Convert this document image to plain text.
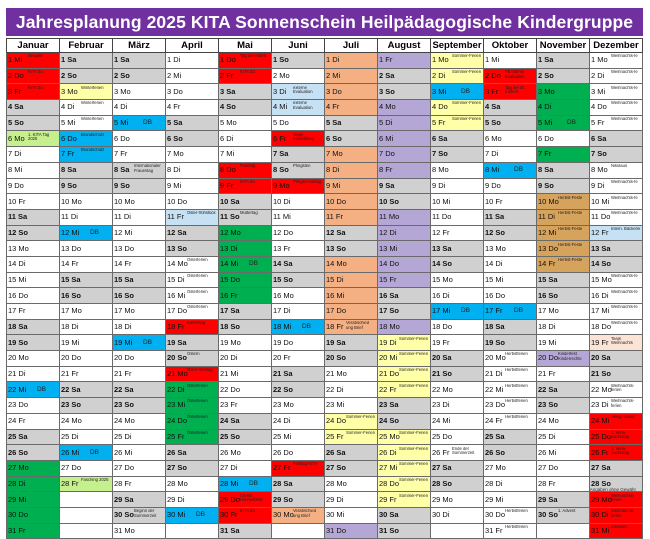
Jahresplanung 2025 KITA Sonnenschein Heilpädagogische Kindergruppe
Januar	Februar	März	April	Mai	Juni	Juli	August	September	Oktober	November	Dezember

1 Mi Neujahr	1 Sa	1 Sa	1 Di	1 Do Tag der Arbeit	1 So	1 Di	1 Fr	1 Mo Sommer-Ferien	1 Mi	1 Sa	1 Mo Weihnachts-fe

2 Do KITA Zu	2 So	2 So	2 Mi	2 Fr KITA Zu	2 Mo	2 Mi	2 Sa	2 Di Sommer-Ferien	2 Do FB interne Evaluation	2 So	2 Di Weihnachts-fe

3 Fr KITA Zu	3 Mo Winterferien	3 Mo	3 Do	3 Sa	3 Di externe Evaluation	3 Do	3 So	3 Mi DB	3 Fr Tag der Dt. Einheit	3 Mo	3 Mi Weihnachts-fe

4 Sa	4 Di Winterferien	4 Di	4 Fr	4 So	4 Mi externe Evaluation	4 Fr	4 Mo	4 Do Sommer-Ferien	4 Sa	4 Di	4 Do Weihnachts-fe

5 So	5 Mi Winterferien	5 Mi DB	5 Sa	5 Mo	5 Do	5 Sa	5 Di	5 Fr Sommer-Ferien	5 So	5 Mi DB	5 Fr Weihnachts-fe

6 Mo 1. KITA Tag 2025	6 Do Brandschutz	6 Do	6 So	6 Di	6 Fr Team Fortbildung	6 So	6 Mi	6 Sa	6 Mo	6 Do	6 Sa

7 Di	7 Fr Brandschutz	7 Fr	7 Mo	7 Mi	7 Sa	7 Mo	7 Do	7 So	7 Di	7 Fr	7 So

8 Mi	8 Sa	8 Sa Internationaler Frauentag	8 Di	8 Do Feiertag	8 So Pfingsten	8 Di	8 Fr	8 Mo	8 Mi DB	8 Sa	8 Mo Nikolaus

9 Do	9 So	9 So	9 Mi	9 Fr KITA Zu	9 Mo Pfingst-montag	9 Mi	9 Sa	9 Di	9 Do	9 So	9 Di Weihnachts-fe

10 Fr	10 Mo	10 Mo	10 Do	10 Sa	10 Di	10 Do	10 So	10 Mi	10 Fr	10 Mo Herbst-Feste	10 Mi Weihnachts-fe

11 Sa	11 Di	11 Di	11 Fr Oster-frühstück	11 So Muttertag	11 Mi	11 Fr	11 Mo	11 Do	11 Sa	11 Di Herbst-Feste	11 Do Weihnachts-fe

12 So	12 Mi DB	12 Mi	12 Sa	12 Mo	12 Do	12 Sa	12 Di	12 Fr	12 So	12 Mi Herbst-Feste	12 Fr Intern. Bäckerei

13 Mo	13 Do	13 Do	13 So	13 Di	13 Fr	13 So	13 Mi	13 Sa	13 Mo	13 Do Herbst-Feste	13 Sa

14 Di	14 Fr	14 Fr	14 Mo Osterferien	14 Mi DB	14 Sa	14 Mo	14 Do	14 So	14 Di	14 Fr Herbst-Feste	14 So

15 Mi	15 Sa	15 Sa	15 Di Osterferien	15 Do	15 So	15 Di	15 Fr	15 Mo	15 Mi	15 Sa	15 Mo Weihnachts-fe

16 Do	16 So	16 So	16 Mi Osterferien	16 Fr	16 Mo	16 Mi	16 Sa	16 Di	16 Do	16 So	16 Di Weihnachts-fe

17 Fr	17 Mo	17 Mo	17 Do Osterferien	17 Sa	17 Di	17 Do	17 So	17 Mi DB	17 Fr DB	17 Mo	17 Mi Weihnachts-fe

18 Sa	18 Di	18 Di	18 Fr Karfreitag	18 So	18 Mi DB	18 Fr Verabschied ung Brief	18 Mo	18 Do	18 Sa	18 Di	18 Do Weihnachts-fe

19 So	19 Mi	19 Mi DB	19 Sa	19 Mo	19 Do	19 Sa	19 Di Sommer-Ferien	19 Fr	19 So	19 Mi	19 Fr Team Weihnachts

20 Mo	20 Do	20 Do	20 So Ostern	20 Di	20 Fr	20 So	20 Mi Sommer-Ferien	20 Sa	20 Mo Herbstferien	20 Do Kinderfest Kinderrechte	20 Sa

21 Di	21 Fr	21 Fr	21 Mo Oster-montag	21 Mi	21 Sa	21 Mo	21 Do Sommer-Ferien	21 So	21 Di Herbstferien	21 Fr	21 So

22 Mi DB	22 Sa	22 Sa	22 Di Osterferien	22 Do	22 So	22 Di	22 Fr Sommer-Ferien	22 Mo	22 Mi Herbstferien	22 Sa	22 Mo Weihnachts-ferien

23 Do	23 So	23 So	23 Mi Osterferien	23 Fr	23 Mo	23 Mi	23 Sa	23 Di	23 Do Herbstferien	23 So	23 Di Weihnachts-ferien

24 Fr	24 Mo	24 Mo	24 Do Osterferien	24 Sa	24 Di	24 Do Sommer-Ferien	24 So	24 Mi	24 Fr Herbstferien	24 Mo	24 Mi Heilig Abend

25 Sa	25 Di	25 Di	25 Fr Osterferien	25 So	25 Mi	25 Fr Sommer-Ferien	25 Mo Sommer-Ferien	25 Do	25 Sa	25 Di	25 Do 1. Weih-nachtstag

26 So	26 Mi DB	26 Mi	26 Sa	26 Mo	26 Do	26 Sa	26 Di Sommer-Ferien	26 Fr Ende der Sommerzeit	26 So	26 Mi	26 Fr 2. Weih-nachtstag

27 Mo	27 Do	27 Do	27 So	27 Di	27 Fr Festtag KITA	27 So	27 Mi Sommer-Ferien	27 Sa	27 Mo	27 Do	27 Sa

28 Di	28 Fr Fasching 2025	28 Fr	28 Mo	28 Mi DB	28 Sa	28 Mo	28 Do Sommer-Ferien	28 So	28 Di	28 Fr	28 So

29 Mi		29 Sa	29 Di	29 Do Christi Himmelfahrt	29 So	29 Di	29 Fr Sommer-Ferien	29 Mo	29 Mi	29 Sa	29 Mo Weihnachts-ferien

30 Do		30 So Beginn der Sommerzeit	30 Mi DB	30 Fr KITA Zu	30 Mo Verabschied ung Brief	30 Mi	30 Sa	30 Di	30 Do Herbstferien	30 So 1. Advent	30 Di Weihnachts-ferien

31 Fr		31 Mo		31 Sa		31 Do	31 So		31 Fr Herbstferien		31 Mi Silvester
Angaben ohne Gewähr
